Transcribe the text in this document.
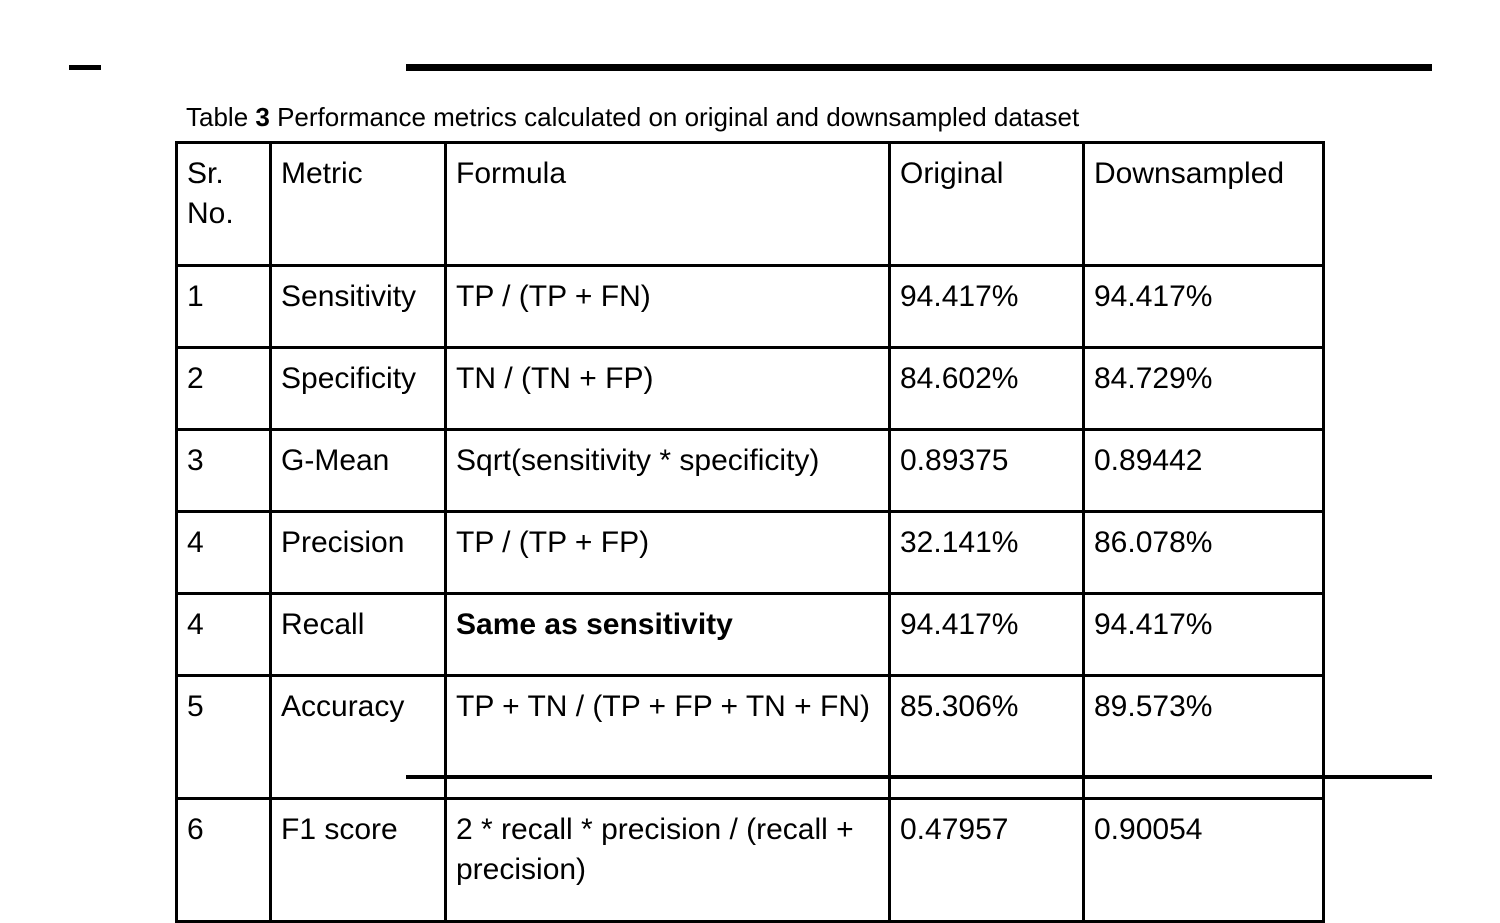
Table 3 Performance metrics calculated on original and downsampled dataset
Sr. No.	Metric	Formula	Original	Downsampled
1	Sensitivity	TP / (TP + FN)	94.417%	94.417%
2	Specificity	TN / (TN + FP)	84.602%	84.729%
3	G-Mean	Sqrt(sensitivity * specificity)	0.89375	0.89442
4	Precision	TP / (TP + FP)	32.141%	86.078%
4	Recall	Same as sensitivity	94.417%	94.417%
5	Accuracy	TP + TN / (TP + FP + TN + FN)	85.306%	89.573%
6	F1 score	2 * recall * precision / (recall + precision)	0.47957	0.90054
